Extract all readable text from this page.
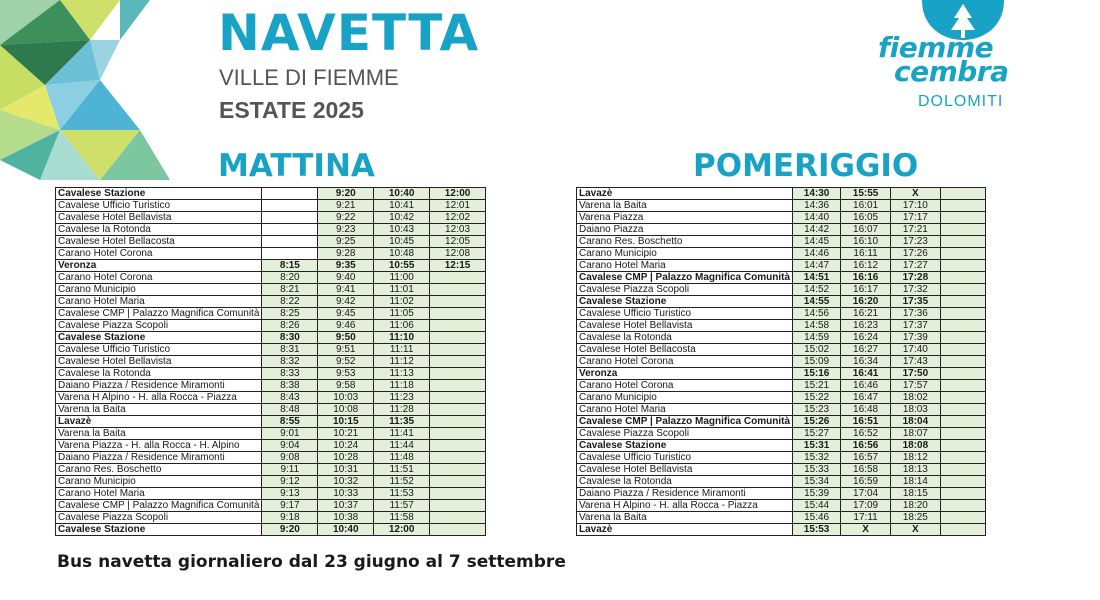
NAVETTA
VILLE DI FIEMME
ESTATE 2025
fiemme
cembra
DOLOMITI
MATTINA	POMERIGGIO
Cavalese Stazione		9:20	10:40	12:00
Cavalese Ufficio Turistico		9:21	10:41	12:01
Cavalese Hotel Bellavista		9:22	10:42	12:02
Cavalese la Rotonda		9:23	10:43	12:03
Cavalese Hotel Bellacosta		9:25	10:45	12:05
Carano Hotel Corona		9:28	10:48	12:08
Veronza	8:15	9:35	10:55	12:15
Carano Hotel Corona	8:20	9:40	11:00	
Carano Municipio	8:21	9:41	11:01	
Carano Hotel Maria	8:22	9:42	11:02	
Cavalese CMP | Palazzo Magnifica Comunità	8:25	9:45	11:05	
Cavalese Piazza Scopoli	8:26	9:46	11:06	
Cavalese Stazione	8:30	9:50	11:10	
Cavalese Ufficio Turistico	8:31	9:51	11:11	
Cavalese Hotel Bellavista	8:32	9:52	11:12	
Cavalese la Rotonda	8:33	9:53	11:13	
Daiano Piazza / Residence Miramonti	8:38	9:58	11:18	
Varena H Alpino - H. alla Rocca - Piazza	8:43	10:03	11:23	
Varena la Baita	8:48	10:08	11:28	
Lavazè	8:55	10:15	11:35	
Varena la Baita	9:01	10:21	11:41	
Varena Piazza - H. alla Rocca - H. Alpino	9:04	10:24	11:44	
Daiano Piazza / Residence Miramonti	9:08	10:28	11:48	
Carano Res. Boschetto	9:11	10:31	11:51	
Carano Municipio	9:12	10:32	11:52	
Carano Hotel Maria	9:13	10:33	11:53	
Cavalese CMP | Palazzo Magnifica Comunità	9:17	10:37	11:57	
Cavalese Piazza Scopoli	9:18	10:38	11:58	
Cavalese Stazione	9:20	10:40	12:00	
Lavazè	14:30	15:55	X	
Varena la Baita	14:36	16:01	17:10	
Varena Piazza	14:40	16:05	17:17	
Daiano Piazza	14:42	16:07	17:21	
Carano Res. Boschetto	14:45	16:10	17:23	
Carano Municipio	14:46	16:11	17:26	
Carano Hotel Maria	14:47	16:12	17:27	
Cavalese CMP | Palazzo Magnifica Comunità	14:51	16:16	17:28	
Cavalese Piazza Scopoli	14:52	16:17	17:32	
Cavalese Stazione	14:55	16:20	17:35	
Cavalese Ufficio Turistico	14:56	16:21	17:36	
Cavalese Hotel Bellavista	14:58	16:23	17:37	
Cavalese la Rotonda	14:59	16:24	17:39	
Cavalese Hotel Bellacosta	15:02	16:27	17:40	
Carano Hotel Corona	15:09	16:34	17:43	
Veronza	15:16	16:41	17:50	
Carano Hotel Corona	15:21	16:46	17:57	
Carano Municipio	15:22	16:47	18:02	
Carano Hotel Maria	15:23	16:48	18:03	
Cavalese CMP | Palazzo Magnifica Comunità	15:26	16:51	18:04	
Cavalese Piazza Scopoli	15:27	16:52	18:07	
Cavalese Stazione	15:31	16:56	18:08	
Cavalese Ufficio Turistico	15:32	16:57	18:12	
Cavalese Hotel Bellavista	15:33	16:58	18:13	
Cavalese la Rotonda	15:34	16:59	18:14	
Daiano Piazza / Residence Miramonti	15:39	17:04	18:15	
Varena H Alpino - H. alla Rocca - Piazza	15:44	17:09	18:20	
Varena la Baita	15:46	17:11	18:25	
Lavazè	15:53	X	X	
Bus navetta giornaliero dal 23 giugno al 7 settembre
